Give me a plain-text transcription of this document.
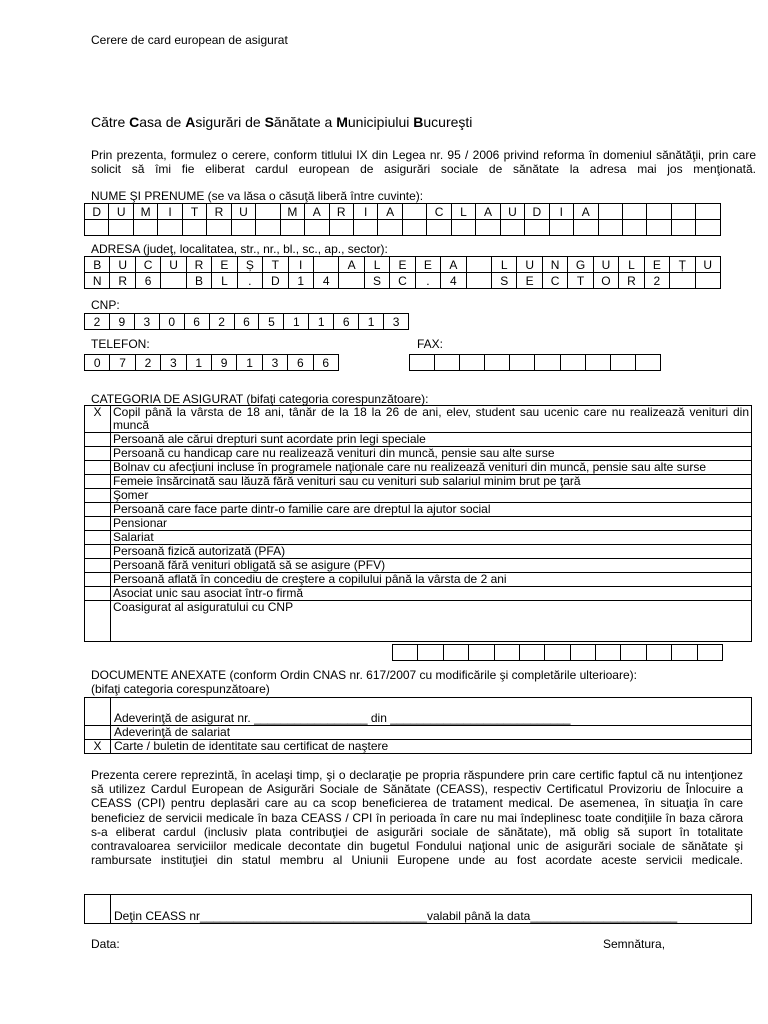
Cerere de card european de asigurat
Către Casa de Asigurări de Sănătate a Municipiului Bucureşti
Prin prezenta, formulez o cerere, conform titlului IX din Legea nr. 95 / 2006 privind reforma în domeniul sănătăţii, prin care solicit să îmi fie eliberat cardul european de asigurări sociale de sănătate la adresa mai jos menţionată.
NUME ŞI PRENUME (se va lăsa o căsuţă liberă între cuvinte):
D	U	M	I	T	R	U		M	A	R	I	A		C	L	A	U	D	I	A					

ADRESA (judeţ, localitatea, str., nr., bl., sc., ap., sector):
B	U	C	U	R	E	Ș	T	I		A	L	E	E	A		L	U	N	G	U	L	E	Ț	U
N	R	6		B	L	.	D	1	4		S	C	.	4		S	E	C	T	O	R	2		
CNP:
2	9	3	0	6	2	6	5	1	1	6	1	3
TELEFON:
0	7	2	3	1	9	1	3	6	6
FAX:

CATEGORIA DE ASIGURAT (bifaţi categoria corespunzătoare):
X	Copil până la vârsta de 18 ani, tânăr de la 18 la 26 de ani, elev, student sau ucenic care nu realizează venituri din muncă
	Persoană ale cărui drepturi sunt acordate prin legi speciale
	Persoană cu handicap care nu realizează venituri din muncă, pensie sau alte surse
	Bolnav cu afecţiuni incluse în programele naţionale care nu realizează venituri din muncă, pensie sau alte surse
	Femeie însărcinată sau lăuză fără venituri sau cu venituri sub salariul minim brut pe ţară
	Şomer
	Persoană care face parte dintr-o familie care are dreptul la ajutor social
	Pensionar
	Salariat
	Persoană fizică autorizată (PFA)
	Persoană fără venituri obligată să se asigure (PFV)
	Persoană aflată în concediu de creştere a copilului până la vârsta de 2 ani
	Asociat unic sau asociat într-o firmă
	Coasigurat al asiguratului cu CNP

DOCUMENTE ANEXATE (conform Ordin CNAS nr. 617/2007 cu modificările şi completările ulterioare):
(bifaţi categoria corespunzătoare)
	Adeverinţă de asigurat nr. _________________ din ___________________________
	Adeverinţă de salariat
X	Carte / buletin de identitate sau certificat de naştere
Prezenta cerere reprezintă, în acelaşi timp, şi o declaraţie pe propria răspundere prin care certific faptul că nu intenţionez să utilizez Cardul European de Asigurări Sociale de Sănătate (CEASS), respectiv Certificatul Provizoriu de Înlocuire a CEASS (CPI) pentru deplasări care au ca scop beneficierea de tratament medical. De asemenea, în situaţia în care beneficiez de servicii medicale în baza CEASS / CPI în perioada în care nu mai îndeplinesc toate condiţiile în baza cărora s-a eliberat cardul (inclusiv plata contribuţiei de asigurări sociale de sănătate), mă oblig să suport în totalitate contravaloarea serviciilor medicale decontate din bugetul Fondului naţional unic de asigurări sociale de sănătate şi rambursate instituţiei din statul membru al Uniunii Europene unde au fost acordate aceste servicii medicale.
	Deţin CEASS nr__________________________________valabil până la data______________________
Data:	Semnătura,
